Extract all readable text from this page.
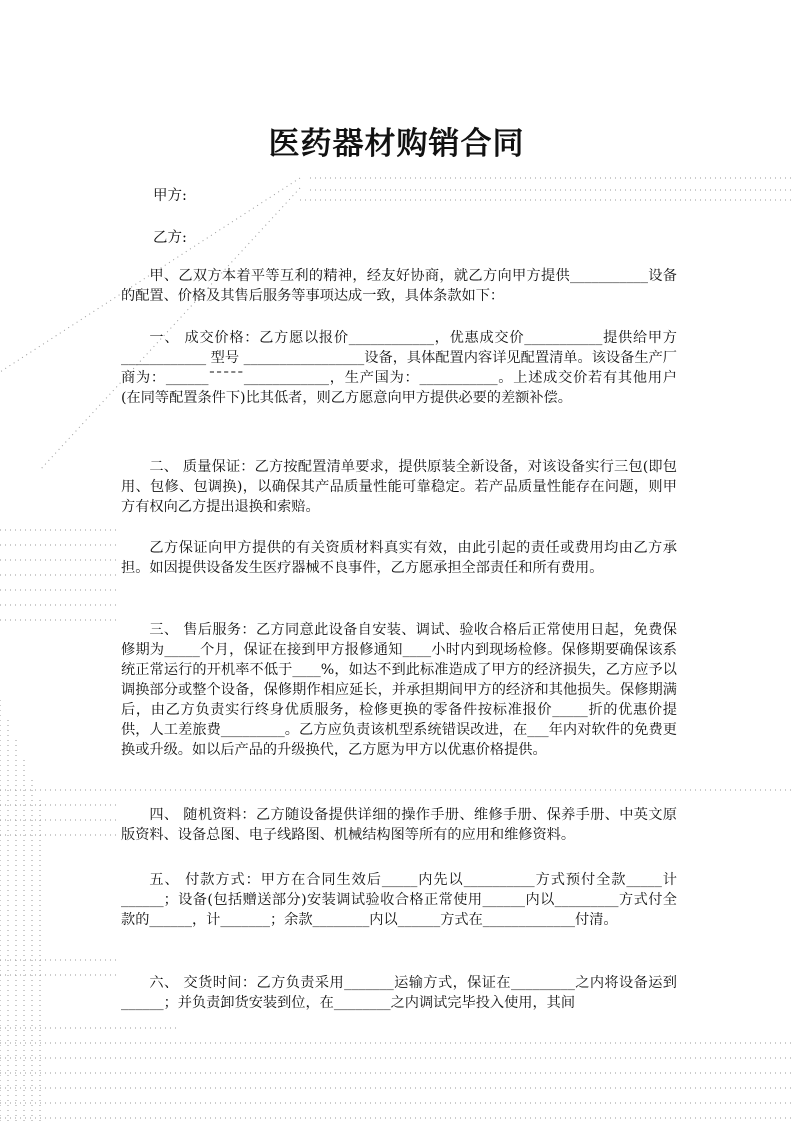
医药器材购销合同
甲方:
乙方:
甲、乙双方本着平等互利的精神，经友好协商，就乙方向甲方提供___________设备的配置、价格及其售后服务等事项达成一致，具体条款如下：
一、 成交价格：乙方愿以报价____________，优惠成交价___________提供给甲方____________ 型号 _________________设备，具体配置内容详见配置清单。该设备生产厂商为：______ˉˉˉˉˉ____________，生产国为：___________。上述成交价若有其他用户(在同等配置条件下)比其低者，则乙方愿意向甲方提供必要的差额补偿。
二、 质量保证：乙方按配置清单要求，提供原装全新设备，对该设备实行三包(即包用、包修、包调换)，以确保其产品质量性能可靠稳定。若产品质量性能存在问题，则甲方有权向乙方提出退换和索赔。
乙方保证向甲方提供的有关资质材料真实有效，由此引起的责任或费用均由乙方承担。如因提供设备发生医疗器械不良事件，乙方愿承担全部责任和所有费用。
三、 售后服务：乙方同意此设备自安装、调试、验收合格后正常使用日起，免费保修期为_____个月，保证在接到甲方报修通知____小时内到现场检修。保修期要确保该系统正常运行的开机率不低于____%，如达不到此标准造成了甲方的经济损失，乙方应予以调换部分或整个设备，保修期作相应延长，并承担期间甲方的经济和其他损失。保修期满后，由乙方负责实行终身优质服务，检修更换的零备件按标准报价_____折的优惠价提供，人工差旅费_________。乙方应负责该机型系统错误改进，在___年内对软件的免费更换或升级。如以后产品的升级换代，乙方愿为甲方以优惠价格提供。
四、 随机资料：乙方随设备提供详细的操作手册、维修手册、保养手册、中英文原版资料、设备总图、电子线路图、机械结构图等所有的应用和维修资料。
五、 付款方式：甲方在合同生效后_____内先以__________方式预付全款_____计______；设备(包括赠送部分)安装调试验收合格正常使用______内以_________方式付全款的______，计_______；余款________内以______方式在_____________付清。
六、 交货时间：乙方负责采用_______运输方式，保证在_________之内将设备运到______；并负责卸货安装到位，在________之内调试完毕投入使用，其间
